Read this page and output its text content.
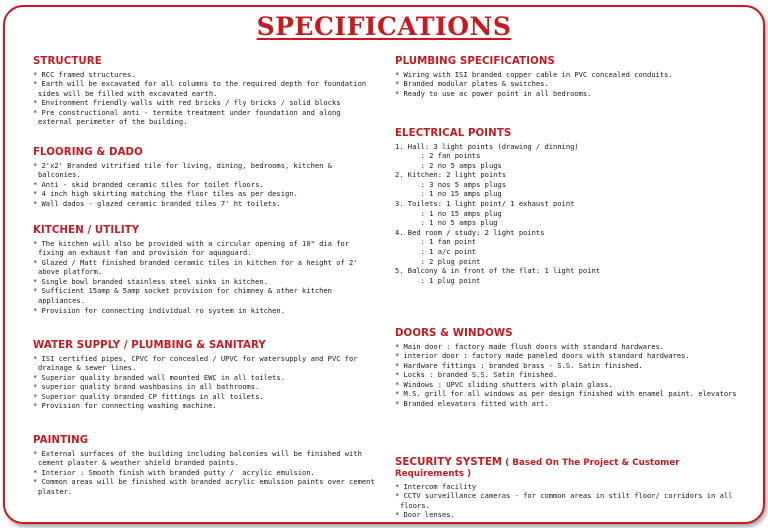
SPECIFICATIONS
STRUCTURE
* RCC framed structures.
* Earth will be excavated for all columns to the required depth for foundation sides will be filled with excavated earth.
* Environment friendly walls with red bricks / fly bricks / solid blocks
* Pre constructional anti - termite treatment under foundation and along external perimeter of the building.
FLOORING & DADO
* 2'x2' Branded vitrified tile for living, dining, bedrooms, kitchen & balconies.
* Anti - skid branded ceramic tiles for toilet floors.
* 4 inch high skirting matching the floor tiles as per design.
* Wall dados - glazed ceramic branded tiles 7' ht toilets.
KITCHEN / UTILITY
* The kitchen will also be provided with a circular opening of 10" dia for fixing an exhaust fan and provision for aquaguard.
* Glazed / Matt finished branded ceramic tiles in kitchen for a height of 2' above platform.
* Single bowl branded stainless steel sinks in kitchen.
* Sufficient 15amp & 5amp socket provision for chimney & other kitchen appliances.
* Provision for connecting individual ro system in kitchen.
WATER SUPPLY / PLUMBING & SANITARY
* ISI certified pipes, CPVC for concealed / UPVC for watersupply and PVC for drainage & sewer lines.
* Superior quality branded wall mounted EWC in all toilets.
* superior quality brand washbasins in all bathrooms.
* Superior quality branded CP fittings in all toilets.
* Provision for connecting washing machine.
PAINTING
* External surfaces of the building including balconies will be finished with cement plaster & weather shield branded paints.
* Interior : Smooth finish with branded putty /  acrylic emulsion.
* Common areas will be finished with branded acrylic emulsion paints over cement plaster.
PLUMBING SPECIFICATIONS
* Wiring with ISI branded copper cable in PVC concealed conduits.
* Branded modular plates & switches.
* Ready to use ac power point in all bedrooms.
ELECTRICAL POINTS
1. Hall: 3 light points (drawing / dinning)
: 2 fan points
: 2 no 5 amps plugs
2. Kitchen: 2 light points
: 3 nos 5 amps plugs
: 1 no 15 amps plug
3. Toilets: 1 light point/ 1 exhaust point
: 1 no 15 amps plug
: 1 no 5 amps plug
4. Bed room / study: 2 light points
: 1 fan point
: 1 a/c point
: 2 plug point
5. Balcony & in front of the flat: 1 light point
: 1 plug point
DOORS & WINDOWS
* Main door : factory made flush doors with standard hardwares.
* interior door : factory made paneled doors with standard hardwares.
* Hardware fittings : branded brass - S.S. Satin finished.
* Locks : branded S.S. Satin finished.
* Windows : UPVC sliding shutters with plain glass.
* M.S. grill for all windows as per design finished with enamel paint. elevators
* Branded elevators fitted with art.
SECURITY SYSTEM ( Based On The Project & Customer Requirements )
* Intercom facility
* CCTV surveillance cameras - for common areas in stilt floor/ corridors in all floors.
* Door lenses.
